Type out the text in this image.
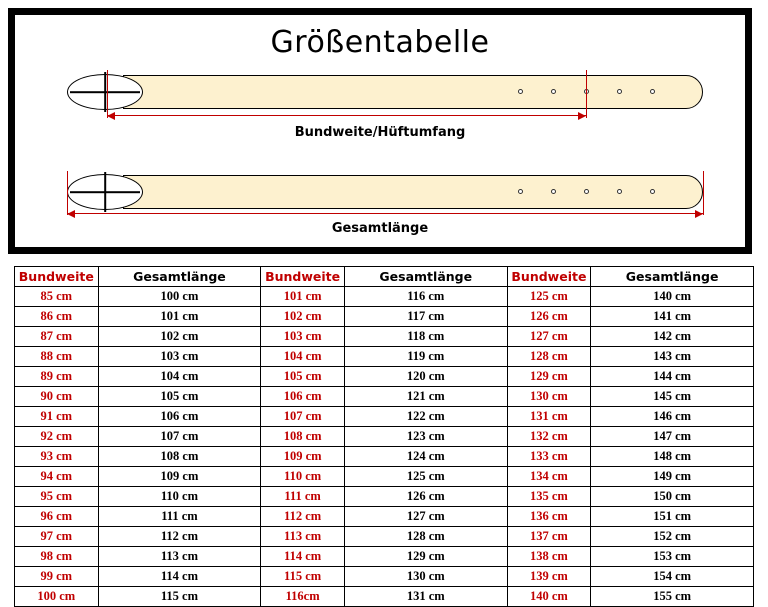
Größentabelle
Bundweite/Hüftumfang
Gesamtlänge
Bundweite	Gesamtlänge	Bundweite	Gesamtlänge	Bundweite	Gesamtlänge
85 cm	100 cm	101 cm	116 cm	125 cm	140 cm
86 cm	101 cm	102 cm	117 cm	126 cm	141 cm
87 cm	102 cm	103 cm	118 cm	127 cm	142 cm
88 cm	103 cm	104 cm	119 cm	128 cm	143 cm
89 cm	104 cm	105 cm	120 cm	129 cm	144 cm
90 cm	105 cm	106 cm	121 cm	130 cm	145 cm
91 cm	106 cm	107 cm	122 cm	131 cm	146 cm
92 cm	107 cm	108 cm	123 cm	132 cm	147 cm
93 cm	108 cm	109 cm	124 cm	133 cm	148 cm
94 cm	109 cm	110 cm	125 cm	134 cm	149 cm
95 cm	110 cm	111 cm	126 cm	135 cm	150 cm
96 cm	111 cm	112 cm	127 cm	136 cm	151 cm
97 cm	112 cm	113 cm	128 cm	137 cm	152 cm
98 cm	113 cm	114 cm	129 cm	138 cm	153 cm
99 cm	114 cm	115 cm	130 cm	139 cm	154 cm
100 cm	115 cm	116cm	131 cm	140 cm	155 cm
